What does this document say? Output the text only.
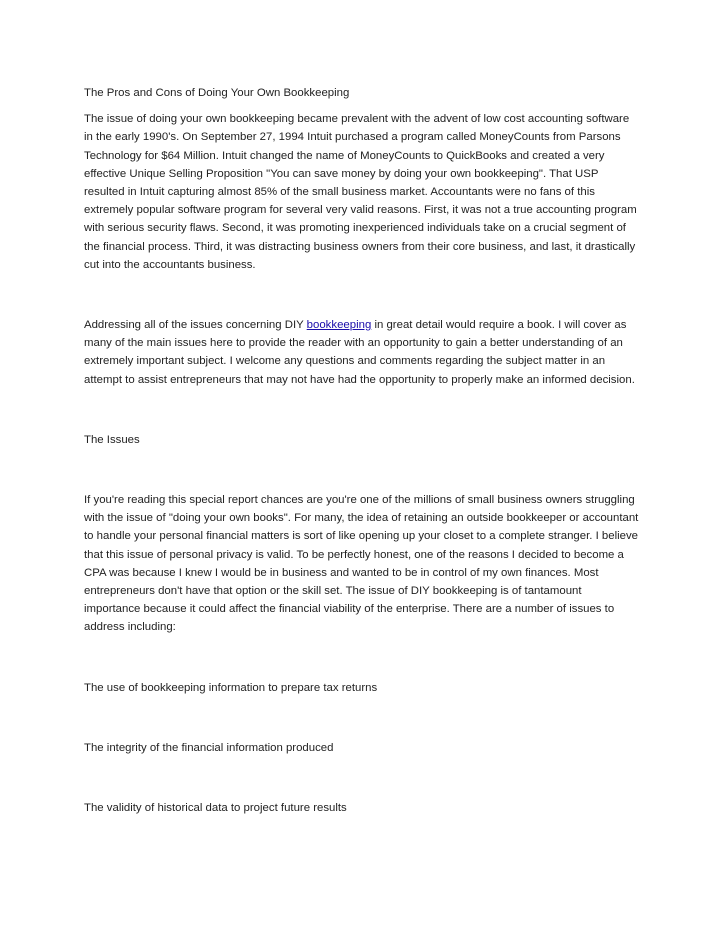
The Pros and Cons of Doing Your Own Bookkeeping

The issue of doing your own bookkeeping became prevalent with the advent of low cost accounting software in the early 1990's. On September 27, 1994 Intuit purchased a program called MoneyCounts from Parsons Technology for $64 Million. Intuit changed the name of MoneyCounts to QuickBooks and created a very effective Unique Selling Proposition "You can save money by doing your own bookkeeping". That USP resulted in Intuit capturing almost 85% of the small business market. Accountants were no fans of this extremely popular software program for several very valid reasons. First, it was not a true accounting program with serious security flaws. Second, it was promoting inexperienced individuals take on a crucial segment of the financial process. Third, it was distracting business owners from their core business, and last, it drastically cut into the accountants business.

Addressing all of the issues concerning DIY bookkeeping in great detail would require a book. I will cover as many of the main issues here to provide the reader with an opportunity to gain a better understanding of an extremely important subject. I welcome any questions and comments regarding the subject matter in an attempt to assist entrepreneurs that may not have had the opportunity to properly make an informed decision.

The Issues

If you're reading this special report chances are you're one of the millions of small business owners struggling with the issue of "doing your own books". For many, the idea of retaining an outside bookkeeper or accountant to handle your personal financial matters is sort of like opening up your closet to a complete stranger. I believe that this issue of personal privacy is valid. To be perfectly honest, one of the reasons I decided to become a CPA was because I knew I would be in business and wanted to be in control of my own finances. Most entrepreneurs don't have that option or the skill set. The issue of DIY bookkeeping is of tantamount importance because it could affect the financial viability of the enterprise. There are a number of issues to address including:

The use of bookkeeping information to prepare tax returns

The integrity of the financial information produced

The validity of historical data to project future results
